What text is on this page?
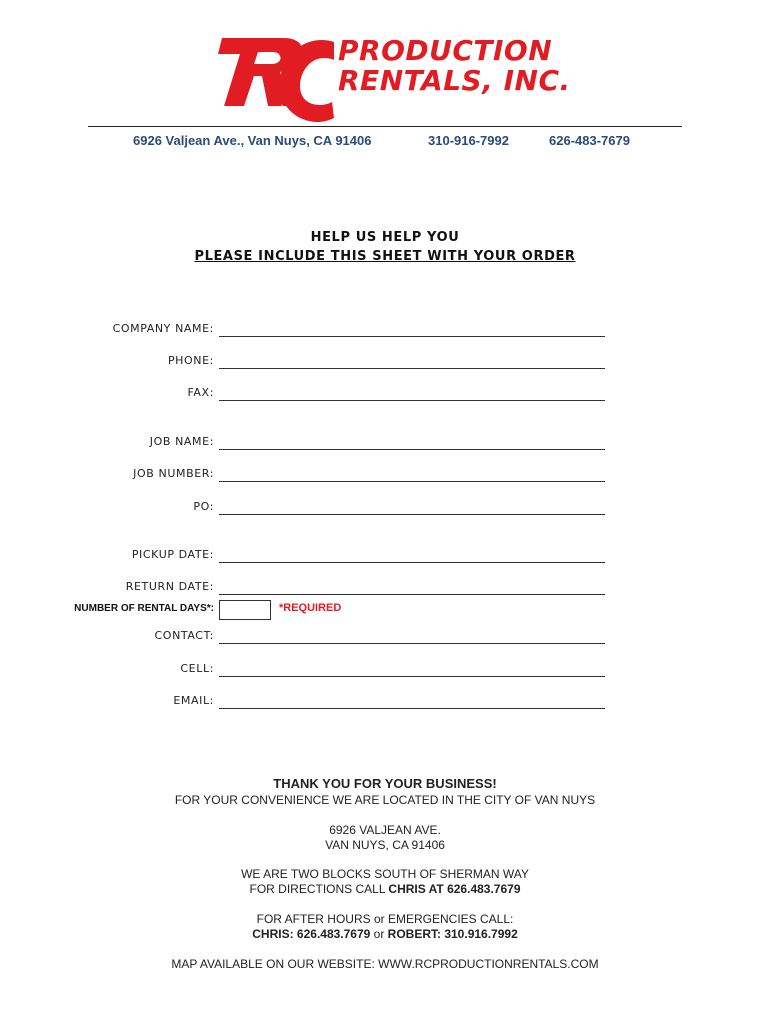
PRODUCTION
RENTALS, INC.
6926 Valjean Ave., Van Nuys, CA 91406	310-916-7992	626-483-7679
HELP US HELP YOU
PLEASE INCLUDE THIS SHEET WITH YOUR ORDER
COMPANY NAME:
PHONE:
FAX:
JOB NAME:
JOB NUMBER:
PO:
PICKUP DATE:
RETURN DATE:
NUMBER OF RENTAL DAYS*:	*REQUIRED
CONTACT:
CELL:
EMAIL:
THANK YOU FOR YOUR BUSINESS!
FOR YOUR CONVENIENCE WE ARE LOCATED IN THE CITY OF VAN NUYS
6926 VALJEAN AVE.
VAN NUYS, CA 91406
WE ARE TWO BLOCKS SOUTH OF SHERMAN WAY
FOR DIRECTIONS CALL CHRIS AT 626.483.7679
FOR AFTER HOURS or EMERGENCIES CALL:
CHRIS: 626.483.7679 or ROBERT: 310.916.7992
MAP AVAILABLE ON OUR WEBSITE: WWW.RCPRODUCTIONRENTALS.COM
